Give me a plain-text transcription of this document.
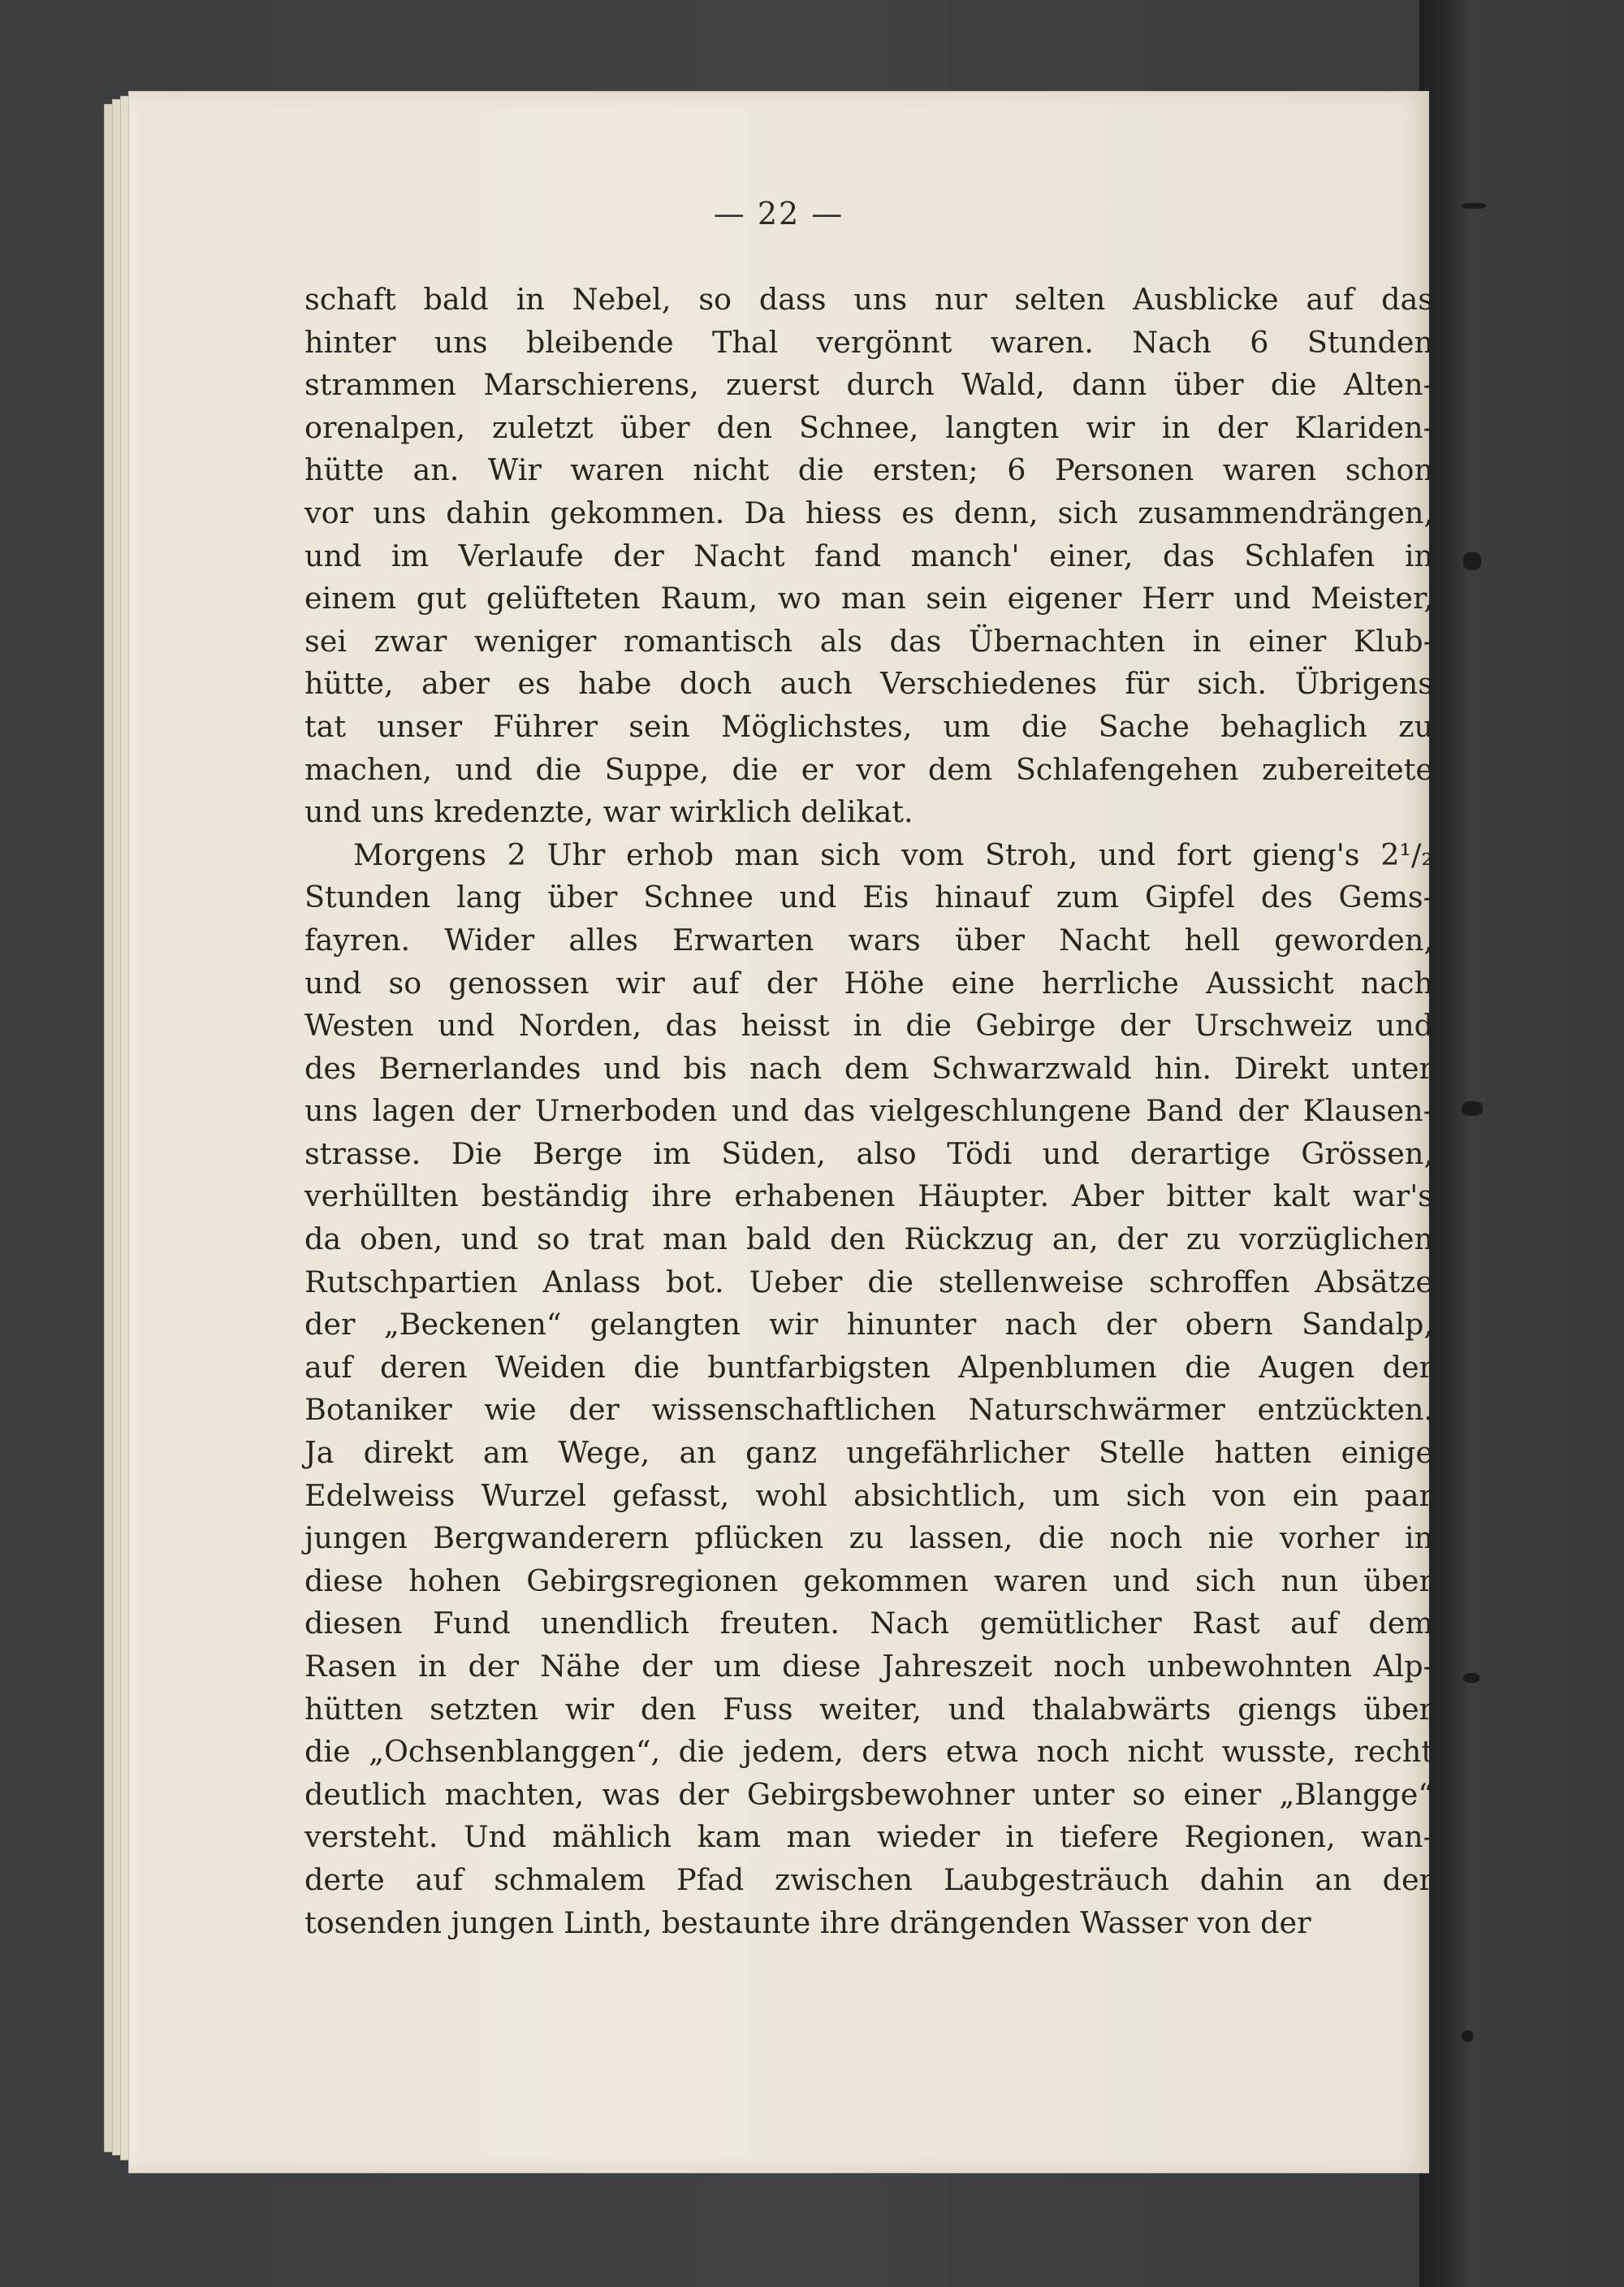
— 22 —
schaft bald in Nebel, so dass uns nur selten Ausblicke auf das
hinter uns bleibende Thal vergönnt waren. Nach 6 Stunden
strammen Marschierens, zuerst durch Wald, dann über die Alten-
orenalpen, zuletzt über den Schnee, langten wir in der Klariden-
hütte an. Wir waren nicht die ersten; 6 Personen waren schon
vor uns dahin gekommen. Da hiess es denn, sich zusammendrängen,
und im Verlaufe der Nacht fand manch' einer, das Schlafen in
einem gut gelüfteten Raum, wo man sein eigener Herr und Meister,
sei zwar weniger romantisch als das Übernachten in einer Klub-
hütte, aber es habe doch auch Verschiedenes für sich. Übrigens
tat unser Führer sein Möglichstes, um die Sache behaglich zu
machen, und die Suppe, die er vor dem Schlafengehen zubereitete
und uns kredenzte, war wirklich delikat.
Morgens 2 Uhr erhob man sich vom Stroh, und fort gieng's 2¹/₂
Stunden lang über Schnee und Eis hinauf zum Gipfel des Gems-
fayren. Wider alles Erwarten wars über Nacht hell geworden,
und so genossen wir auf der Höhe eine herrliche Aussicht nach
Westen und Norden, das heisst in die Gebirge der Urschweiz und
des Bernerlandes und bis nach dem Schwarzwald hin. Direkt unter
uns lagen der Urnerboden und das vielgeschlungene Band der Klausen-
strasse. Die Berge im Süden, also Tödi und derartige Grössen,
verhüllten beständig ihre erhabenen Häupter. Aber bitter kalt war's
da oben, und so trat man bald den Rückzug an, der zu vorzüglichen
Rutschpartien Anlass bot. Ueber die stellenweise schroffen Absätze
der „Beckenen“ gelangten wir hinunter nach der obern Sandalp,
auf deren Weiden die buntfarbigsten Alpenblumen die Augen der
Botaniker wie der wissenschaftlichen Naturschwärmer entzückten.
Ja direkt am Wege, an ganz ungefährlicher Stelle hatten einige
Edelweiss Wurzel gefasst, wohl absichtlich, um sich von ein paar
jungen Bergwanderern pflücken zu lassen, die noch nie vorher in
diese hohen Gebirgsregionen gekommen waren und sich nun über
diesen Fund unendlich freuten. Nach gemütlicher Rast auf dem
Rasen in der Nähe der um diese Jahreszeit noch unbewohnten Alp-
hütten setzten wir den Fuss weiter, und thalabwärts giengs über
die „Ochsenblanggen“, die jedem, ders etwa noch nicht wusste, recht
deutlich machten, was der Gebirgsbewohner unter so einer „Blangge“
versteht. Und mählich kam man wieder in tiefere Regionen, wan-
derte auf schmalem Pfad zwischen Laubgesträuch dahin an der
tosenden jungen Linth, bestaunte ihre drängenden Wasser von der
